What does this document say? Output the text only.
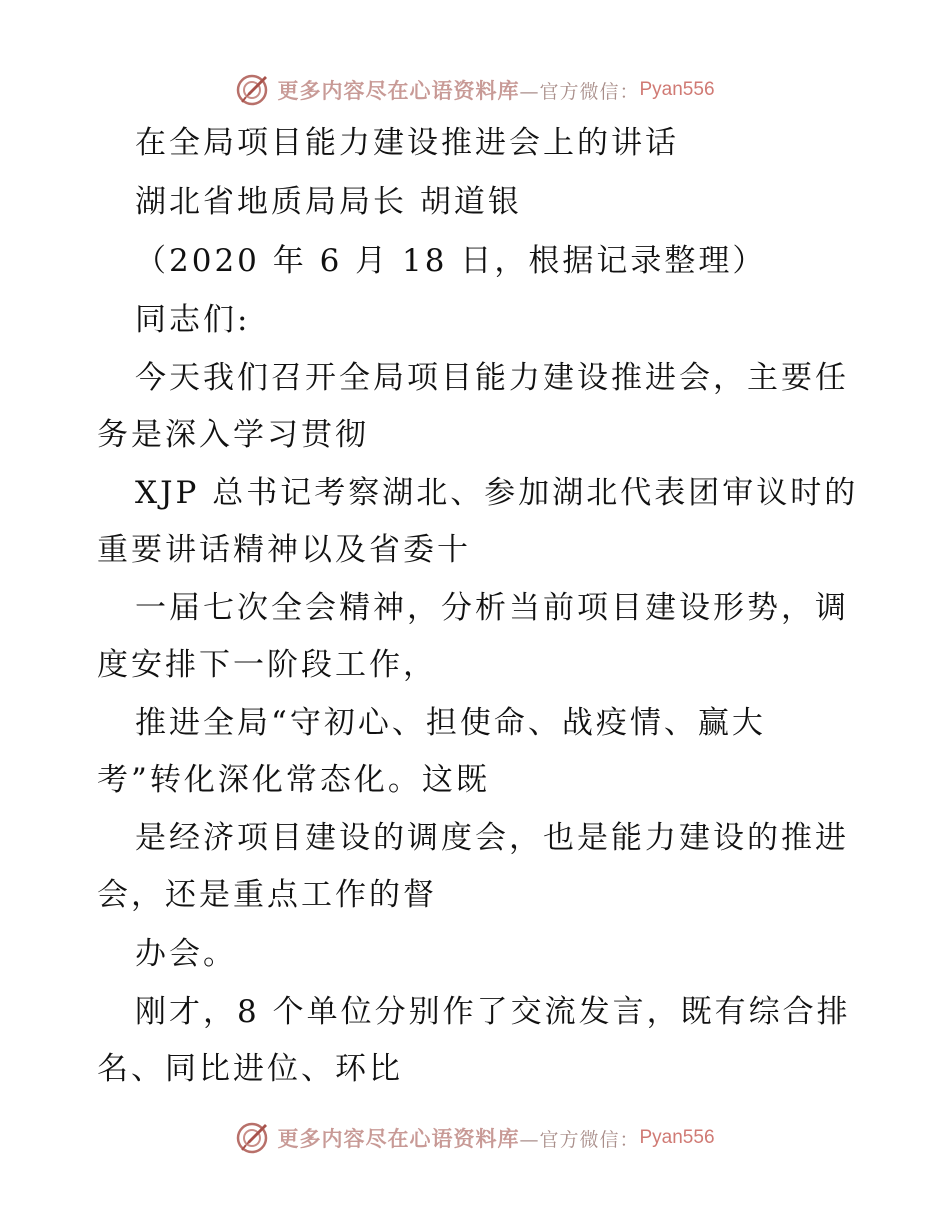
更多内容尽在心语资料库 —官方微信： Pyan556
在全局项目能力建设推进会上的讲话
湖北省地质局局长 胡道银
（2020 年 6 月 18 日，根据记录整理）
同志们:
今天我们召开全局项目能力建设推进会，主要任
务是深入学习贯彻
XJP 总书记考察湖北、参加湖北代表团审议时的
重要讲话精神以及省委十
一届七次全会精神，分析当前项目建设形势，调
度安排下一阶段工作，
推进全局“守初心、担使命、战疫情、赢大
考”转化深化常态化。这既
是经济项目建设的调度会，也是能力建设的推进
会，还是重点工作的督
办会。
刚才，8 个单位分别作了交流发言，既有综合排
名、同比进位、环比
更多内容尽在心语资料库 —官方微信： Pyan556
